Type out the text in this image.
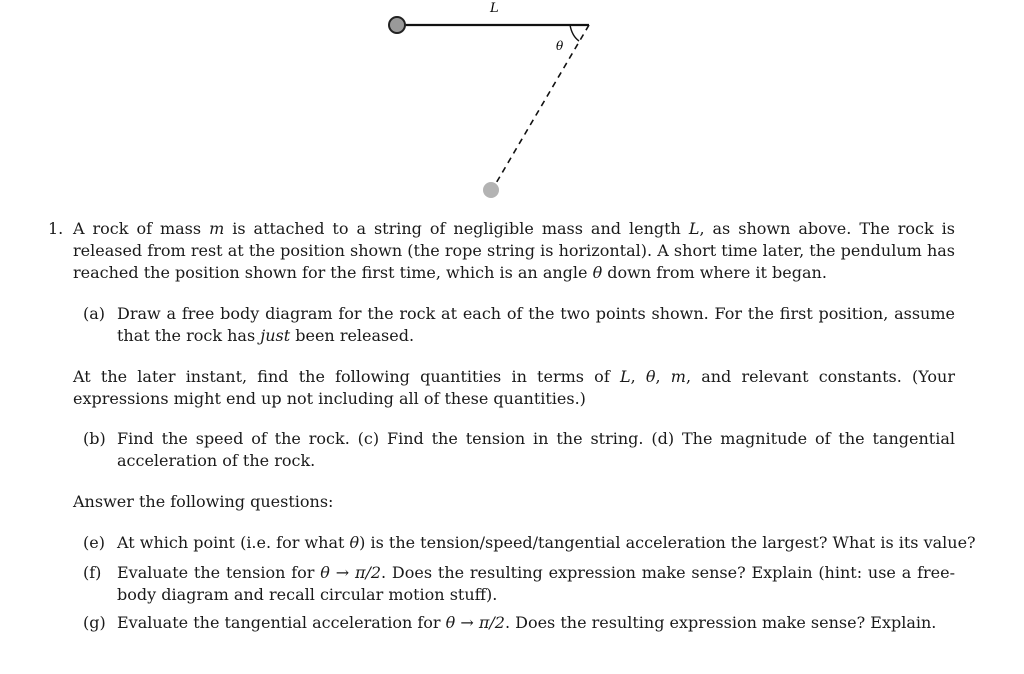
L
θ
1. A rock of mass m is attached to a string of negligible mass and length L, as shown above. The rock is released from rest at the position shown (the rope string is horizontal). A short time later, the pendulum has reached the position shown for the first time, which is an angle θ down from where it began.

(a) Draw a free body diagram for the rock at each of the two points shown. For the first position, assume that the rock has just been released.

At the later instant, find the following quantities in terms of L, θ, m, and relevant constants. (Your expressions might end up not including all of these quantities.)

(b) Find the speed of the rock. (c) Find the tension in the string. (d) The magnitude of the tangential acceleration of the rock.

Answer the following questions:

(e) At which point (i.e. for what θ) is the tension/speed/tangential acceleration the largest? What is its value?

(f) Evaluate the tension for θ → π/2. Does the resulting expression make sense? Explain (hint: use a free-body diagram and recall circular motion stuff).

(g) Evaluate the tangential acceleration for θ → π/2. Does the resulting expression make sense? Explain.
